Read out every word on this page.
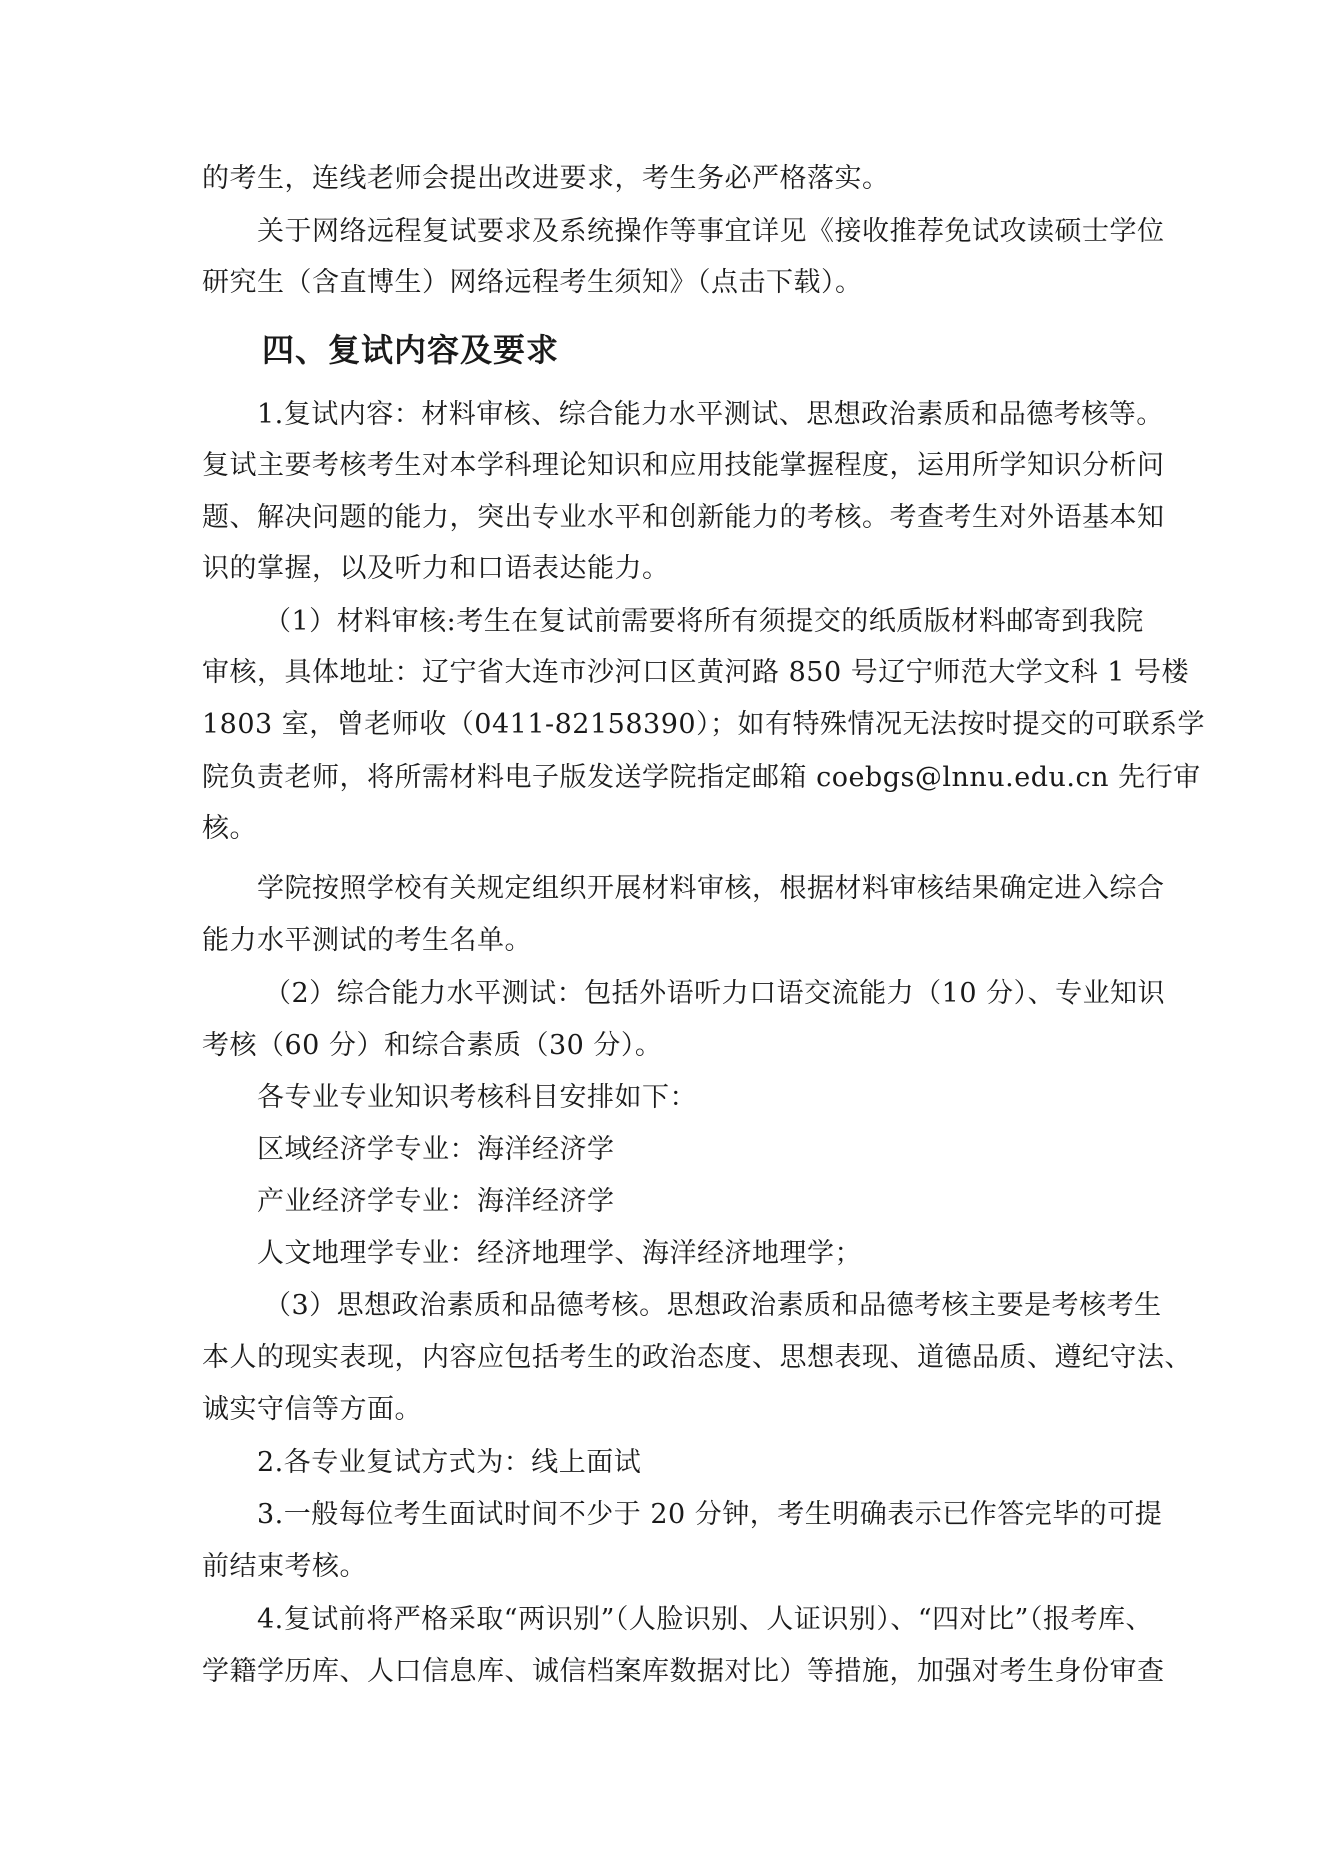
的考生，连线老师会提出改进要求，考生务必严格落实。
关于网络远程复试要求及系统操作等事宜详见《接收推荐免试攻读硕士学位
研究生（含直博生）网络远程考生须知》（点击下载）。
四、复试内容及要求
1.复试内容：材料审核、综合能力水平测试、思想政治素质和品德考核等。
复试主要考核考生对本学科理论知识和应用技能掌握程度，运用所学知识分析问
题、解决问题的能力，突出专业水平和创新能力的考核。考查考生对外语基本知
识的掌握，以及听力和口语表达能力。
（1）材料审核:考生在复试前需要将所有须提交的纸质版材料邮寄到我院
审核，具体地址：辽宁省大连市沙河口区黄河路 850 号辽宁师范大学文科 1 号楼
1803 室，曾老师收（0411-82158390）；如有特殊情况无法按时提交的可联系学
院负责老师，将所需材料电子版发送学院指定邮箱 coebgs@lnnu.edu.cn 先行审
核。
学院按照学校有关规定组织开展材料审核，根据材料审核结果确定进入综合
能力水平测试的考生名单。
（2）综合能力水平测试：包括外语听力口语交流能力（10 分）、专业知识
考核（60 分）和综合素质（30 分）。
各专业专业知识考核科目安排如下：
区域经济学专业：海洋经济学
产业经济学专业：海洋经济学
人文地理学专业：经济地理学、海洋经济地理学；
（3）思想政治素质和品德考核。思想政治素质和品德考核主要是考核考生
本人的现实表现，内容应包括考生的政治态度、思想表现、道德品质、遵纪守法、
诚实守信等方面。
2.各专业复试方式为：线上面试
3.一般每位考生面试时间不少于 20 分钟，考生明确表示已作答完毕的可提
前结束考核。
4.复试前将严格采取“两识别”（人脸识别、人证识别）、“四对比”（报考库、
学籍学历库、人口信息库、诚信档案库数据对比）等措施，加强对考生身份审查
